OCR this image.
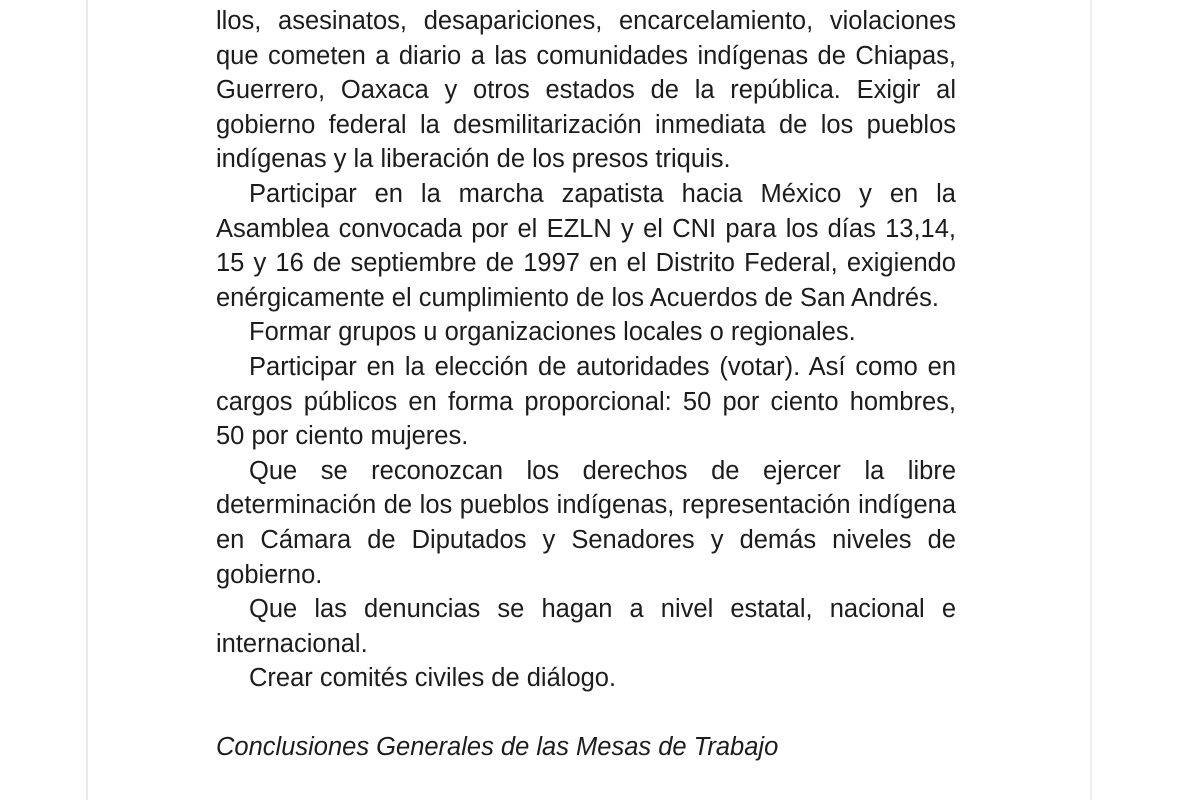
llos, asesinatos, desapariciones, encarcelamiento, violaciones que cometen a diario a las comunidades indígenas de Chiapas, Guerrero, Oaxaca y otros estados de la república. Exigir al gobierno federal la desmilitarización inmediata de los pueblos indígenas y la liberación de los presos triquis.

Participar en la marcha zapatista hacia México y en la Asamblea convocada por el EZLN y el CNI para los días 13,14, 15 y 16 de septiembre de 1997 en el Distrito Federal, exigiendo enérgicamente el cumplimiento de los Acuerdos de San Andrés.

Formar grupos u organizaciones locales o regionales.

Participar en la elección de autoridades (votar). Así como en cargos públicos en forma proporcional: 50 por ciento hombres, 50 por ciento mujeres.

Que se reconozcan los derechos de ejercer la libre determinación de los pueblos indígenas, representación indígena en Cámara de Diputados y Senadores y demás niveles de gobierno.

Que las denuncias se hagan a nivel estatal, nacional e internacional.

Crear comités civiles de diálogo.

Conclusiones Generales de las Mesas de Trabajo
